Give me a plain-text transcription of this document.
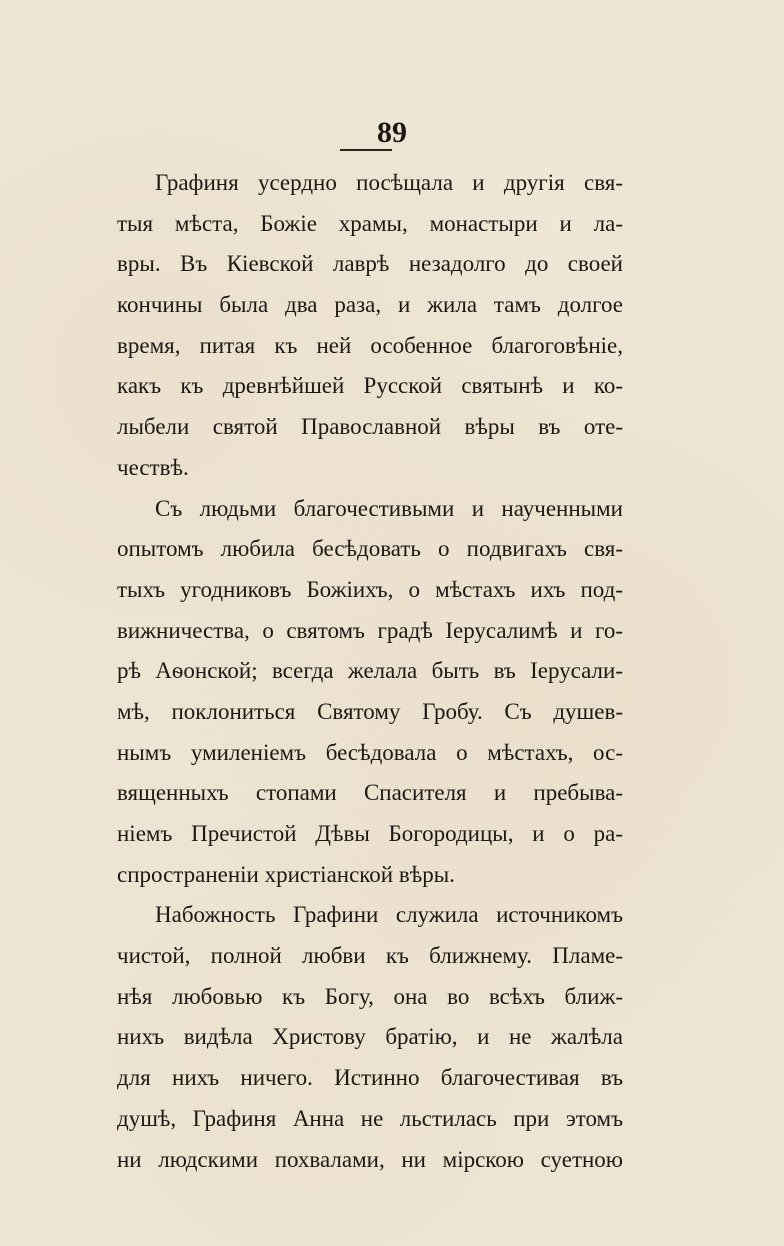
89
Графиня усердно посѣщала и другія свя-
тыя мѣста, Божіе храмы, монастыри и ла-
вры. Въ Кіевской лаврѣ незадолго до своей
кончины была два раза, и жила тамъ долгое
время, питая къ ней особенное благоговѣніе,
какъ къ древнѣйшей Русской святынѣ и ко-
лыбели святой Православной вѣры въ оте-
чествѣ.
Съ людьми благочестивыми и наученными
опытомъ любила бесѣдовать о подвигахъ свя-
тыхъ угодниковъ Божіихъ, о мѣстахъ ихъ под-
вижничества, о святомъ градѣ Іерусалимѣ и го-
рѣ Аѳонской; всегда желала быть въ Іерусали-
мѣ, поклониться Святому Гробу. Съ душев-
нымъ умиленіемъ бесѣдовала о мѣстахъ, ос-
вященныхъ стопами Спасителя и пребыва-
ніемъ Пречистой Дѣвы Богородицы, и о ра-
спространеніи христіанской вѣры.
Набожность Графини служила источникомъ
чистой, полной любви къ ближнему. Пламе-
нѣя любовью къ Богу, она во всѣхъ ближ-
нихъ видѣла Христову братію, и не жалѣла
для нихъ ничего. Истинно благочестивая въ
душѣ, Графиня Анна не льстилась при этомъ
ни людскими похвалами, ни мірскою суетною
